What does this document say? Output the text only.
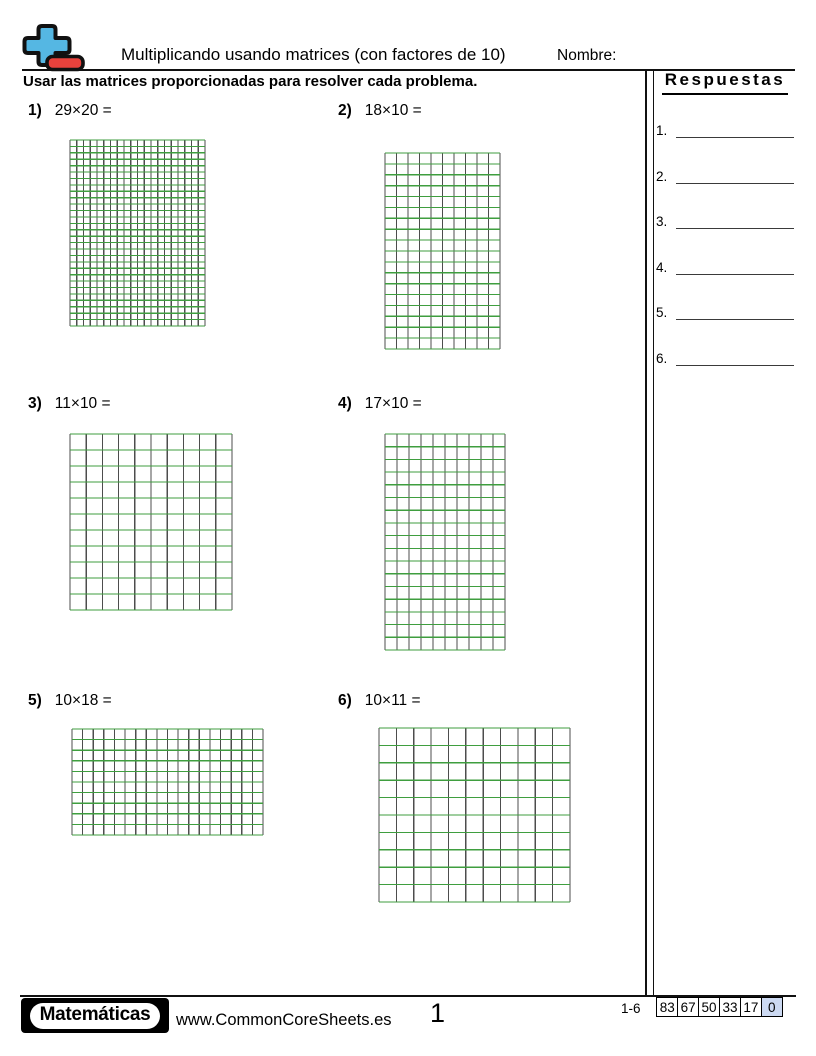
Multiplicando usando matrices (con factores de 10)	Nombre:
Usar las matrices proporcionadas para resolver cada problema.	Respuestas
1.
2.
3.
4.
5.
6.
1) 29×20 =	2) 18×10 =
3) 11×10 =	4) 17×10 =
5) 10×18 =	6) 10×11 =
Matemáticas	www.CommonCoreSheets.es 1	1-6 83 67 50 33 17 0
